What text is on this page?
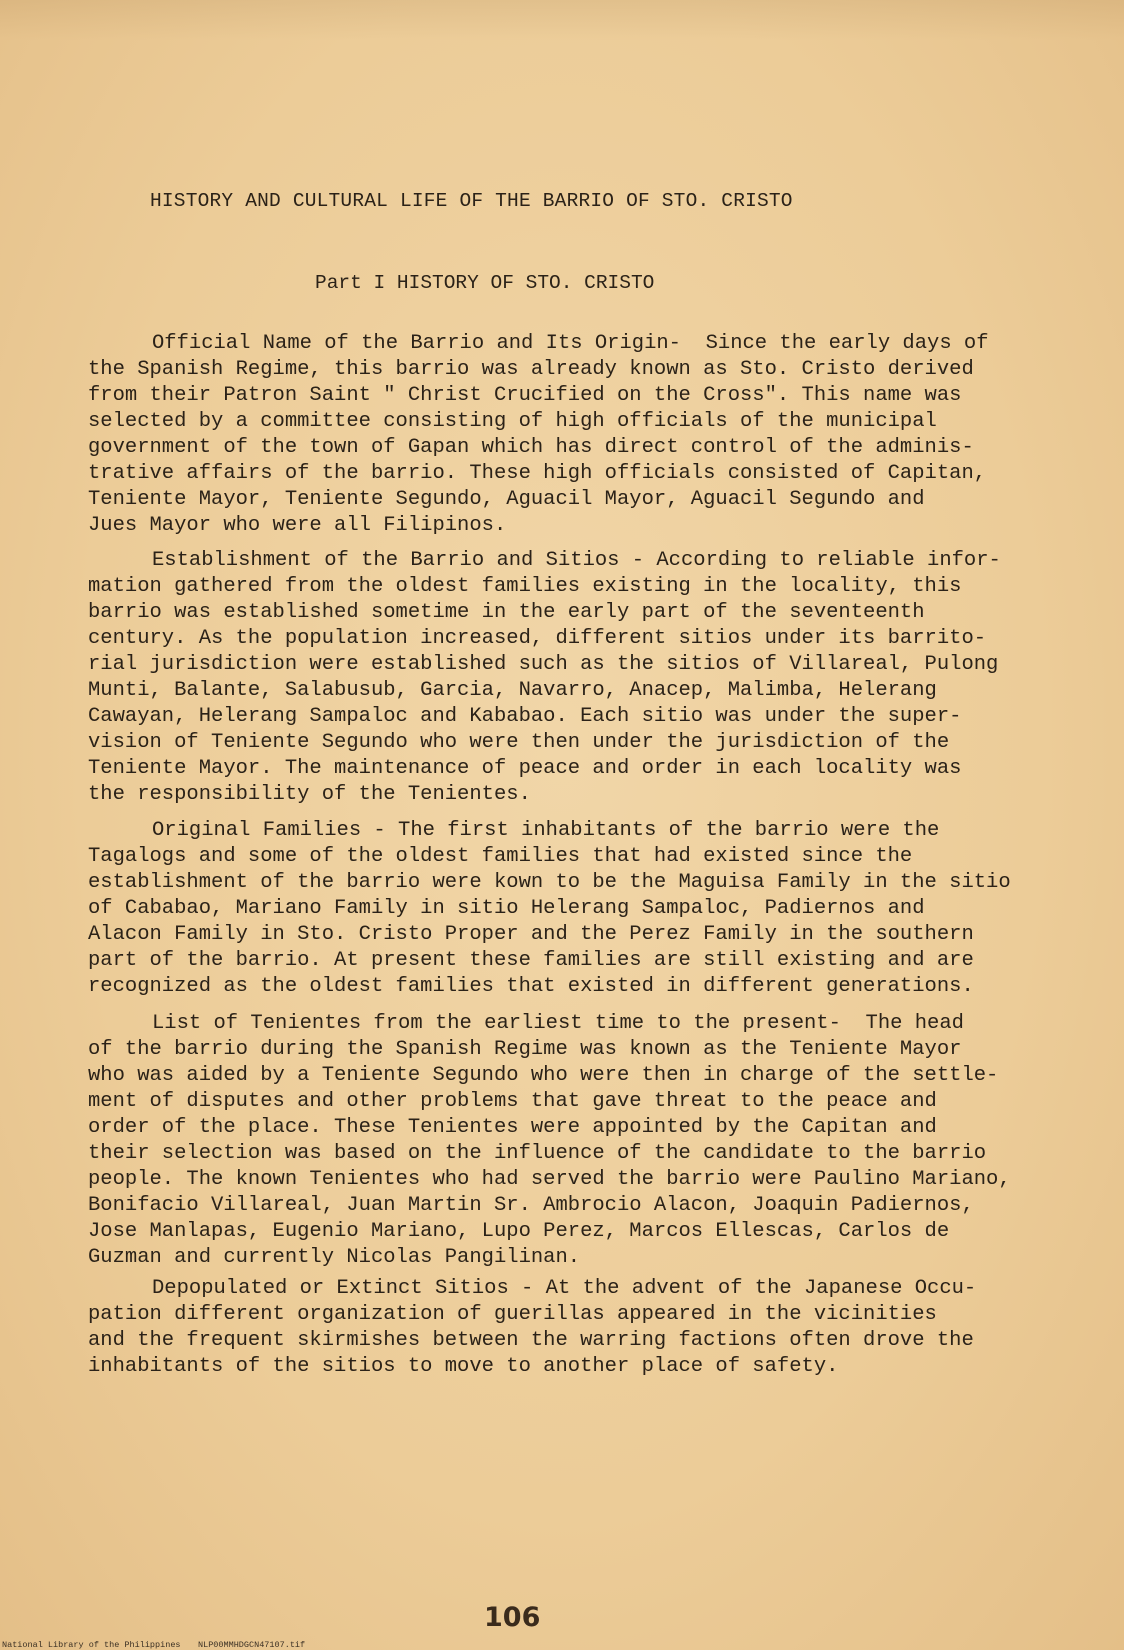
HISTORY AND CULTURAL LIFE OF THE BARRIO OF STO. CRISTO
Part I HISTORY OF STO. CRISTO
Official Name of the Barrio and Its Origin-  Since the early days of
the Spanish Regime, this barrio was already known as Sto. Cristo derived
from their Patron Saint " Christ Crucified on the Cross". This name was
selected by a committee consisting of high officials of the municipal
government of the town of Gapan which has direct control of the adminis-
trative affairs of the barrio. These high officials consisted of Capitan,
Teniente Mayor, Teniente Segundo, Aguacil Mayor, Aguacil Segundo and
Jues Mayor who were all Filipinos.
Establishment of the Barrio and Sitios - According to reliable infor-
mation gathered from the oldest families existing in the locality, this
barrio was established sometime in the early part of the seventeenth
century. As the population increased, different sitios under its barrito-
rial jurisdiction were established such as the sitios of Villareal, Pulong
Munti, Balante, Salabusub, Garcia, Navarro, Anacep, Malimba, Helerang
Cawayan, Helerang Sampaloc and Kababao. Each sitio was under the super-
vision of Teniente Segundo who were then under the jurisdiction of the
Teniente Mayor. The maintenance of peace and order in each locality was
the responsibility of the Tenientes.
Original Families - The first inhabitants of the barrio were the
Tagalogs and some of the oldest families that had existed since the
establishment of the barrio were kown to be the Maguisa Family in the sitio
of Cababao, Mariano Family in sitio Helerang Sampaloc, Padiernos and
Alacon Family in Sto. Cristo Proper and the Perez Family in the southern
part of the barrio. At present these families are still existing and are
recognized as the oldest families that existed in different generations.
List of Tenientes from the earliest time to the present-  The head
of the barrio during the Spanish Regime was known as the Teniente Mayor
who was aided by a Teniente Segundo who were then in charge of the settle-
ment of disputes and other problems that gave threat to the peace and
order of the place. These Tenientes were appointed by the Capitan and
their selection was based on the influence of the candidate to the barrio
people. The known Tenientes who had served the barrio were Paulino Mariano,
Bonifacio Villareal, Juan Martin Sr. Ambrocio Alacon, Joaquin Padiernos,
Jose Manlapas, Eugenio Mariano, Lupo Perez, Marcos Ellescas, Carlos de
Guzman and currently Nicolas Pangilinan.
Depopulated or Extinct Sitios - At the advent of the Japanese Occu-
pation different organization of guerillas appeared in the vicinities
and the frequent skirmishes between the warring factions often drove the
inhabitants of the sitios to move to another place of safety.
106
National Library of the Philippines NLP00MMHDGCN47107.tif
